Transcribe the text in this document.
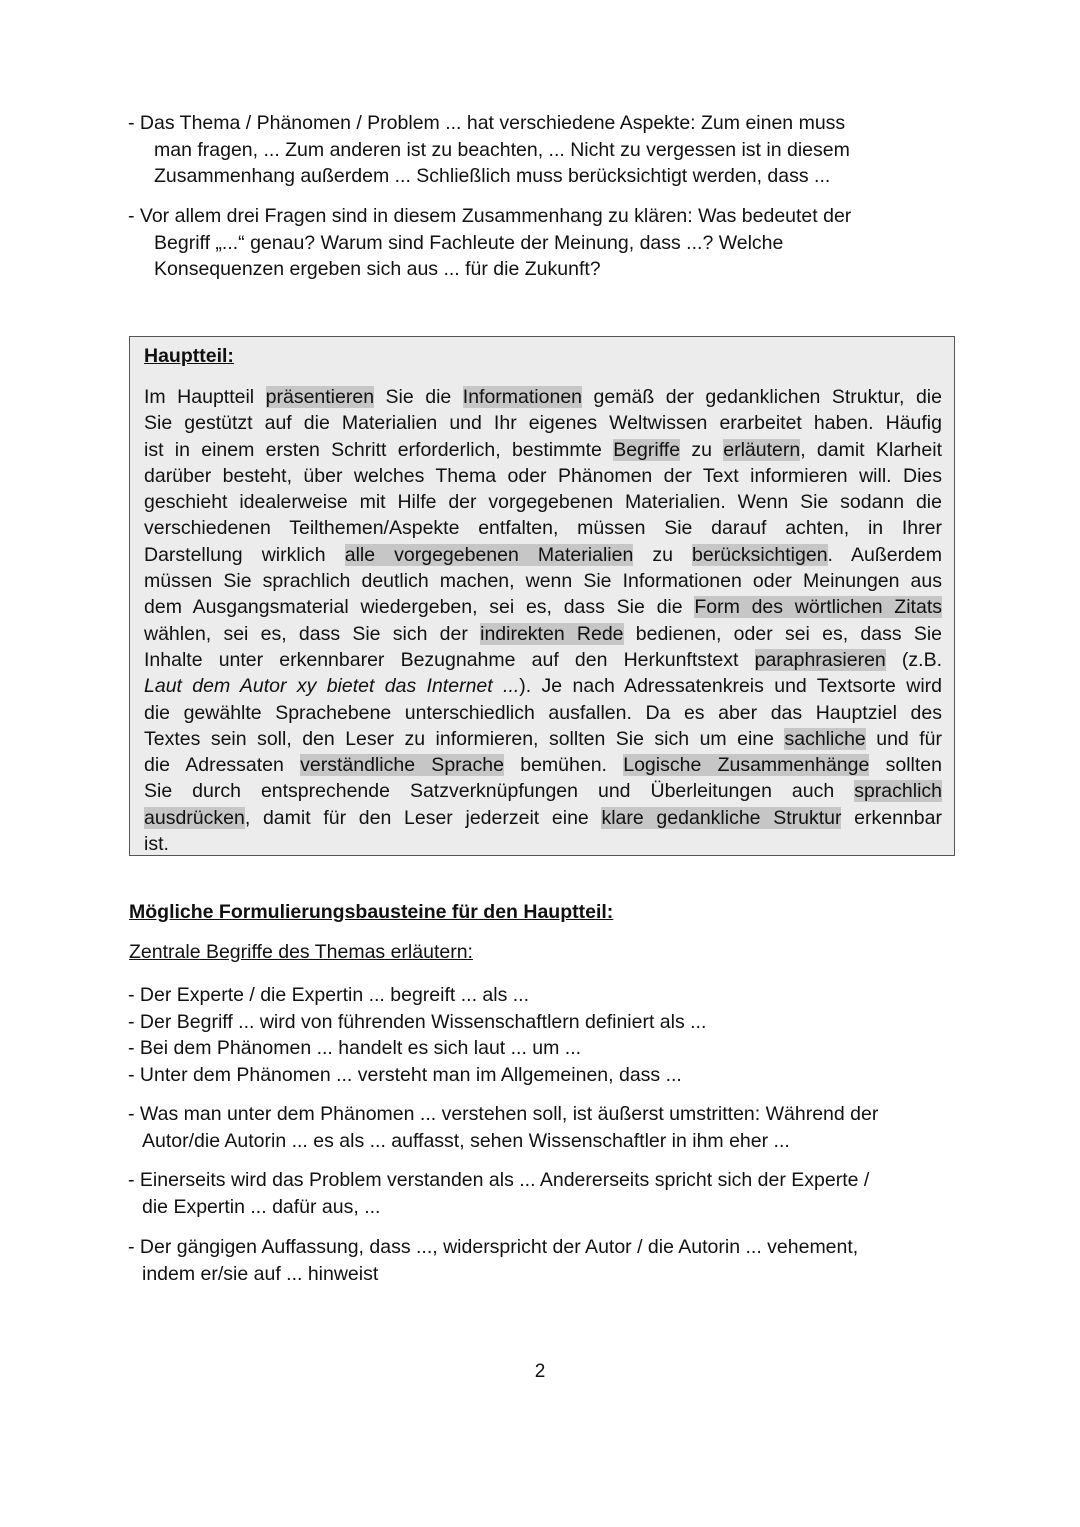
- Das Thema / Phänomen / Problem ... hat verschiedene Aspekte: Zum einen muss
man fragen, ... Zum anderen ist zu beachten, ... Nicht zu vergessen ist in diesem
Zusammenhang außerdem ... Schließlich muss berücksichtigt werden, dass ...
- Vor allem drei Fragen sind in diesem Zusammenhang zu klären: Was bedeutet der
Begriff „...“ genau? Warum sind Fachleute der Meinung, dass ...? Welche
Konsequenzen ergeben sich aus ... für die Zukunft?
Hauptteil:
Im Hauptteil präsentieren Sie die Informationen gemäß der gedanklichen Struktur, die
Sie gestützt auf die Materialien und Ihr eigenes Weltwissen erarbeitet haben. Häufig
ist in einem ersten Schritt erforderlich, bestimmte Begriffe zu erläutern, damit Klarheit
darüber besteht, über welches Thema oder Phänomen der Text informieren will. Dies
geschieht idealerweise mit Hilfe der vorgegebenen Materialien. Wenn Sie sodann die
verschiedenen Teilthemen/Aspekte entfalten, müssen Sie darauf achten, in Ihrer
Darstellung wirklich alle vorgegebenen Materialien zu berücksichtigen. Außerdem
müssen Sie sprachlich deutlich machen, wenn Sie Informationen oder Meinungen aus
dem Ausgangsmaterial wiedergeben, sei es, dass Sie die Form des wörtlichen Zitats
wählen, sei es, dass Sie sich der indirekten Rede bedienen, oder sei es, dass Sie
Inhalte unter erkennbarer Bezugnahme auf den Herkunftstext paraphrasieren (z.B.
Laut dem Autor xy bietet das Internet ...). Je nach Adressatenkreis und Textsorte wird
die gewählte Sprachebene unterschiedlich ausfallen. Da es aber das Hauptziel des
Textes sein soll, den Leser zu informieren, sollten Sie sich um eine sachliche und für
die Adressaten verständliche Sprache bemühen. Logische Zusammenhänge sollten
Sie durch entsprechende Satzverknüpfungen und Überleitungen auch sprachlich
ausdrücken, damit für den Leser jederzeit eine klare gedankliche Struktur erkennbar
ist.
Mögliche Formulierungsbausteine für den Hauptteil:
Zentrale Begriffe des Themas erläutern:
- Der Experte / die Expertin ... begreift ... als ...
- Der Begriff ... wird von führenden Wissenschaftlern definiert als ...
- Bei dem Phänomen ... handelt es sich laut ... um ...
- Unter dem Phänomen ... versteht man im Allgemeinen, dass ...
- Was man unter dem Phänomen ... verstehen soll, ist äußerst umstritten: Während der
Autor/die Autorin ... es als ... auffasst, sehen Wissenschaftler in ihm eher ...
- Einerseits wird das Problem verstanden als ... Andererseits spricht sich der Experte /
die Expertin ... dafür aus, ...
- Der gängigen Auffassung, dass ..., widerspricht der Autor / die Autorin ... vehement,
indem er/sie auf ... hinweist
2
